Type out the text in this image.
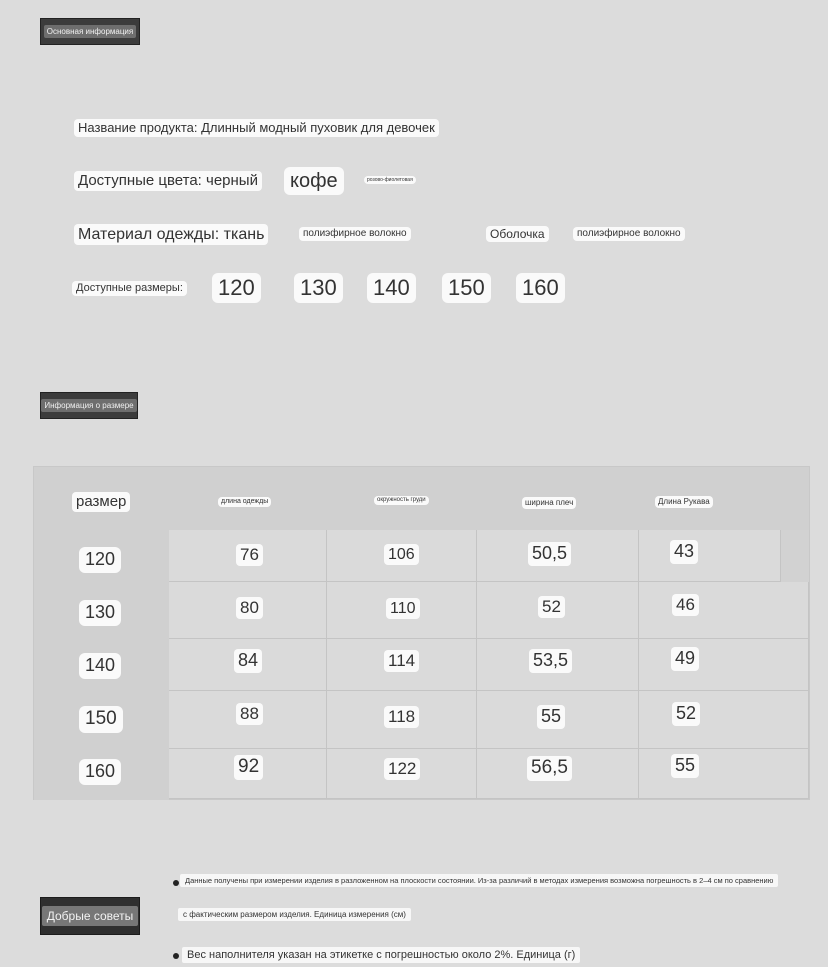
Основная информация
Название продукта: Длинный модный пуховик для девочек
Доступные цвета: черный	кофе	розово-фиолетовая
Материал одежды: ткань	полиэфирное волокно	Оболочка	полиэфирное волокно
Доступные размеры: 120 130 140 150 160
Информация о размере
размер	длина одежды	окружность груди	ширина плеч	Длина Рукава
120	76	106	50,5	43
130	80	110	52	46
140	84	114	53,5	49
150	88	118	55	52
160	92	122	56,5	55
Добрые советы
Данные получены при измерении изделия в разложенном на плоскости состоянии. Из-за различий в методах измерения возможна погрешность в 2–4 см по сравнению
с фактическим размером изделия. Единица измерения (см)
Вес наполнителя указан на этикетке с погрешностью около 2%. Единица (г)
